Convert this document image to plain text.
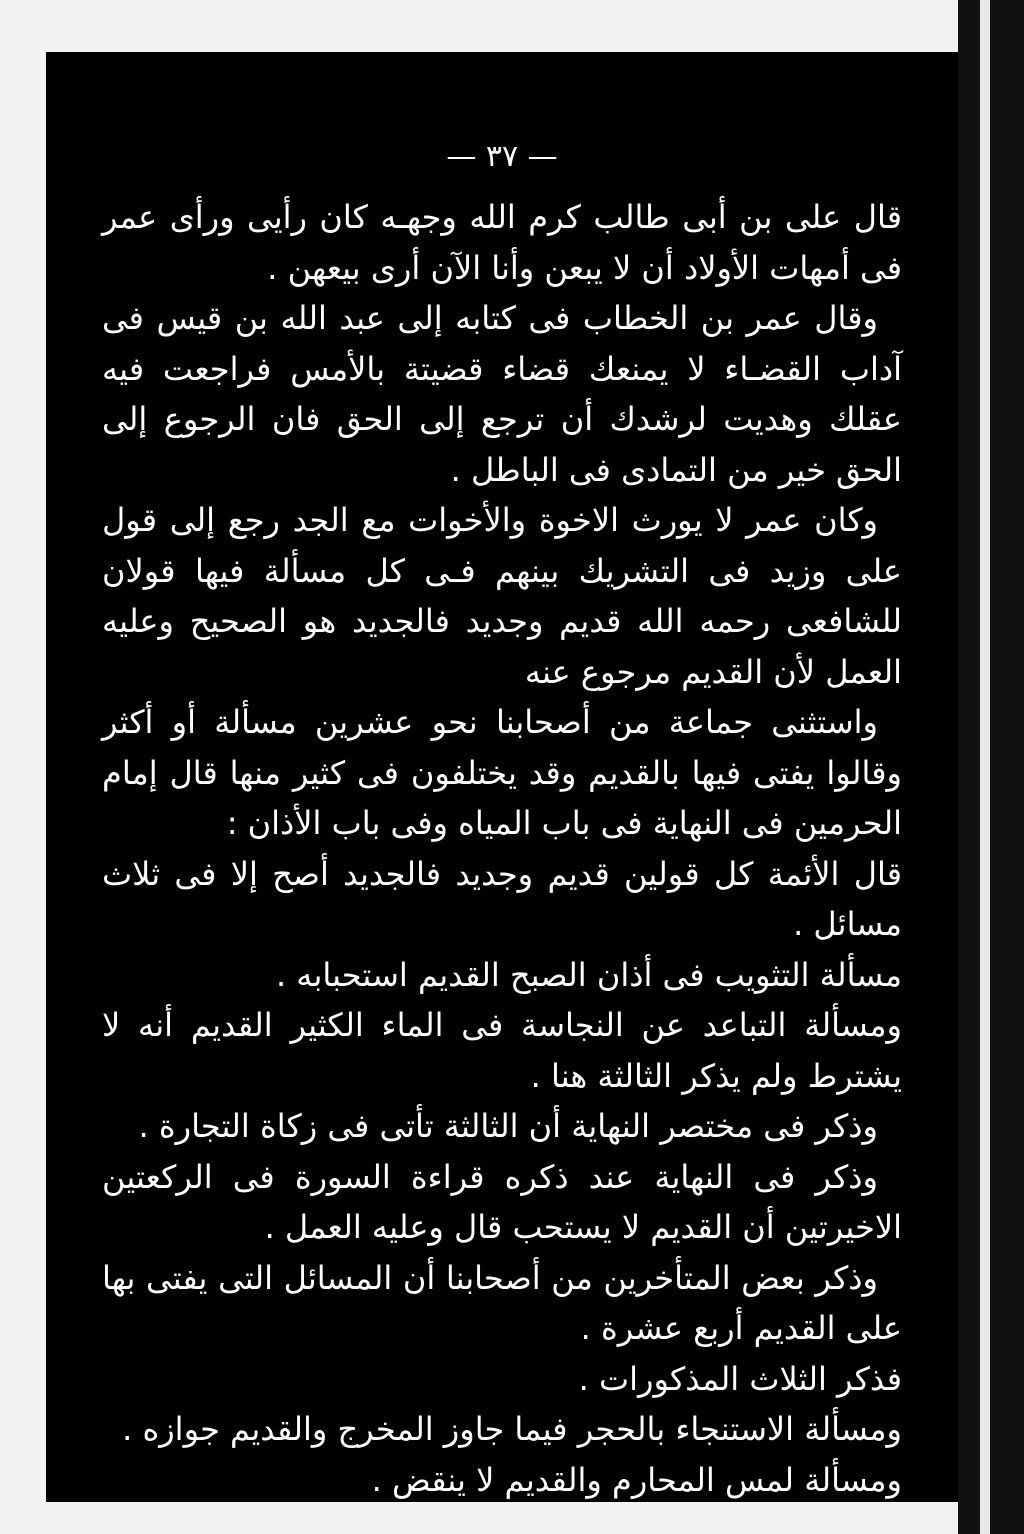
— ٣٧ —

قال على بن أبى طالب كرم الله وجهـه كان رأيى ورأى عمر فى أمهات الأولاد أن لا يبعن وأنا الآن أرى بيعهن .

وقال عمر بن الخطاب فى كتابه إلى عبد الله بن قيس فى آداب القضـاء لا يمنعك قضاء قضيتة بالأمس فراجعت فيه عقلك وهديت لرشدك أن ترجع إلى الحق فان الرجوع إلى الحق خير من التمادى فى الباطل .

وكان عمر لا يورث الاخوة والأخوات مع الجد رجع إلى قول على وزيد فى التشريك بينهم فـى كل مسألة فيها قولان للشافعى رحمه الله قديم وجديد فالجديد هو الصحيح وعليه العمل لأن القديم مرجوع عنه

واستثنى جماعة من أصحابنا نحو عشرين مسألة أو أكثر وقالوا يفتى فيها بالقديم وقد يختلفون فى كثير منها قال إمام الحرمين فى النهاية فى باب المياه وفى باب الأذان :

قال الأئمة كل قولين قديم وجديد فالجديد أصح إلا فى ثلاث مسائل .

مسألة التثويب فى أذان الصبح القديم استحبابه .

ومسألة التباعد عن النجاسة فى الماء الكثير القديم أنه لا يشترط ولم يذكر الثالثة هنا .

وذكر فى مختصر النهاية أن الثالثة تأتى فى زكاة التجارة .

وذكر فى النهاية عند ذكره قراءة السورة فى الركعتين الاخيرتين أن القديم لا يستحب قال وعليه العمل .

وذكر بعض المتأخرين من أصحابنا أن المسائل التى يفتى بها على القديم أربع عشرة .

فذكر الثلاث المذكورات .

ومسألة الاستنجاء بالحجر فيما جاوز المخرج والقديم جوازه .

ومسألة لمس المحارم والقديم لا ينقض .
